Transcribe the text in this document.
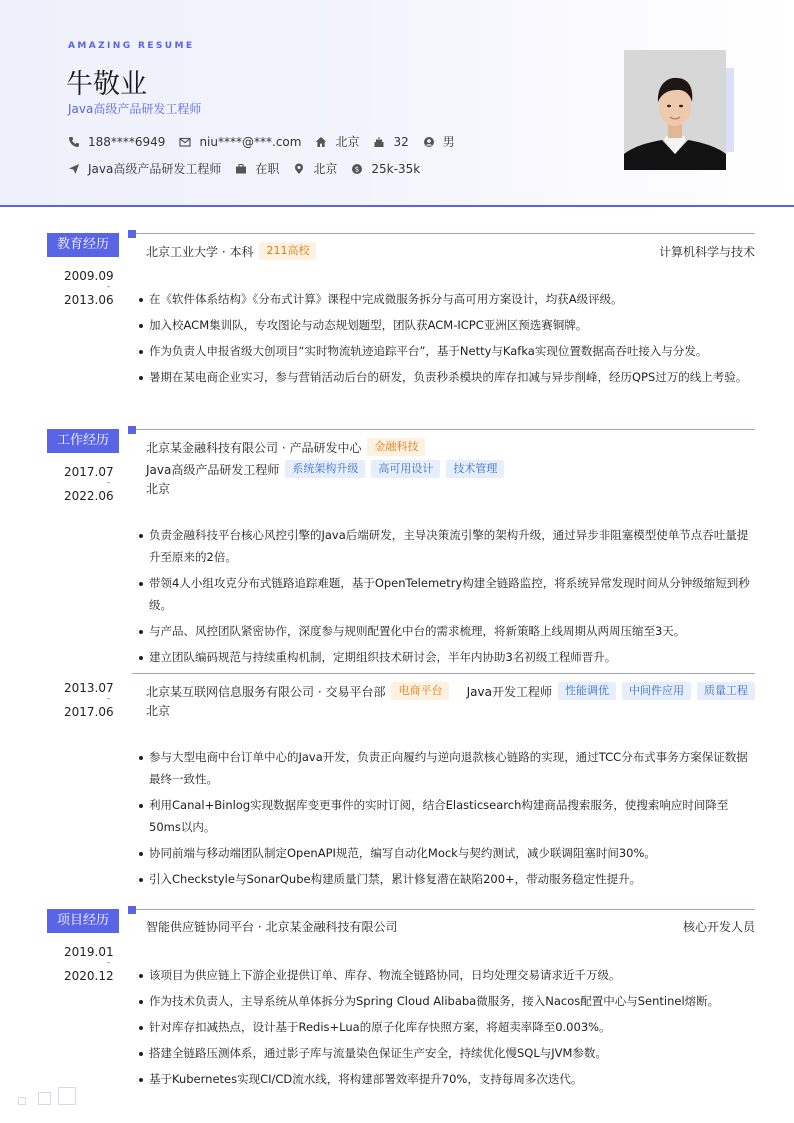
AMAZING RESUME
牛敬业
Java高级产品研发工程师
188****6949	niu****@***.com	北京	32	男
Java高级产品研发工程师	在职	北京	$ 25k-35k
教育经历
2009.09
-
2013.06
北京工业大学 · 本科	211高校	计算机科学与技术
在《软件体系结构》《分布式计算》课程中完成微服务拆分与高可用方案设计，均获A级评级。
加入校ACM集训队，专攻图论与动态规划题型，团队获ACM-ICPC亚洲区预选赛铜牌。
作为负责人申报省级大创项目“实时物流轨迹追踪平台”，基于Netty与Kafka实现位置数据高吞吐接入与分发。
暑期在某电商企业实习，参与营销活动后台的研发，负责秒杀模块的库存扣减与异步削峰，经历QPS过万的线上考验。
工作经历
2017.07
-
2022.06
北京某金融科技有限公司 · 产品研发中心	金融科技
Java高级产品研发工程师	系统架构升级	高可用设计	技术管理
北京
负责金融科技平台核心风控引擎的Java后端研发，主导决策流引擎的架构升级，通过异步非阻塞模型使单节点吞吐量提升至原来的2倍。
带领4人小组攻克分布式链路追踪难题，基于OpenTelemetry构建全链路监控，将系统异常发现时间从分钟级缩短到秒级。
与产品、风控团队紧密协作，深度参与规则配置化中台的需求梳理，将新策略上线周期从两周压缩至3天。
建立团队编码规范与持续重构机制，定期组织技术研讨会，半年内协助3名初级工程师晋升。
2013.07
-
2017.06
北京某互联网信息服务有限公司 · 交易平台部	电商平台	Java开发工程师	性能调优	中间件应用	质量工程
北京
参与大型电商中台订单中心的Java开发，负责正向履约与逆向退款核心链路的实现，通过TCC分布式事务方案保证数据最终一致性。
利用Canal+Binlog实现数据库变更事件的实时订阅，结合Elasticsearch构建商品搜索服务，使搜索响应时间降至50ms以内。
协同前端与移动端团队制定OpenAPI规范，编写自动化Mock与契约测试，减少联调阻塞时间30%。
引入Checkstyle与SonarQube构建质量门禁，累计修复潜在缺陷200+，带动服务稳定性提升。
项目经历
2019.01
-
2020.12
智能供应链协同平台 · 北京某金融科技有限公司	核心开发人员
该项目为供应链上下游企业提供订单、库存、物流全链路协同，日均处理交易请求近千万级。
作为技术负责人，主导系统从单体拆分为Spring Cloud Alibaba微服务，接入Nacos配置中心与Sentinel熔断。
针对库存扣减热点，设计基于Redis+Lua的原子化库存快照方案，将超卖率降至0.003%。
搭建全链路压测体系，通过影子库与流量染色保证生产安全，持续优化慢SQL与JVM参数。
基于Kubernetes实现CI/CD流水线，将构建部署效率提升70%，支持每周多次迭代。
